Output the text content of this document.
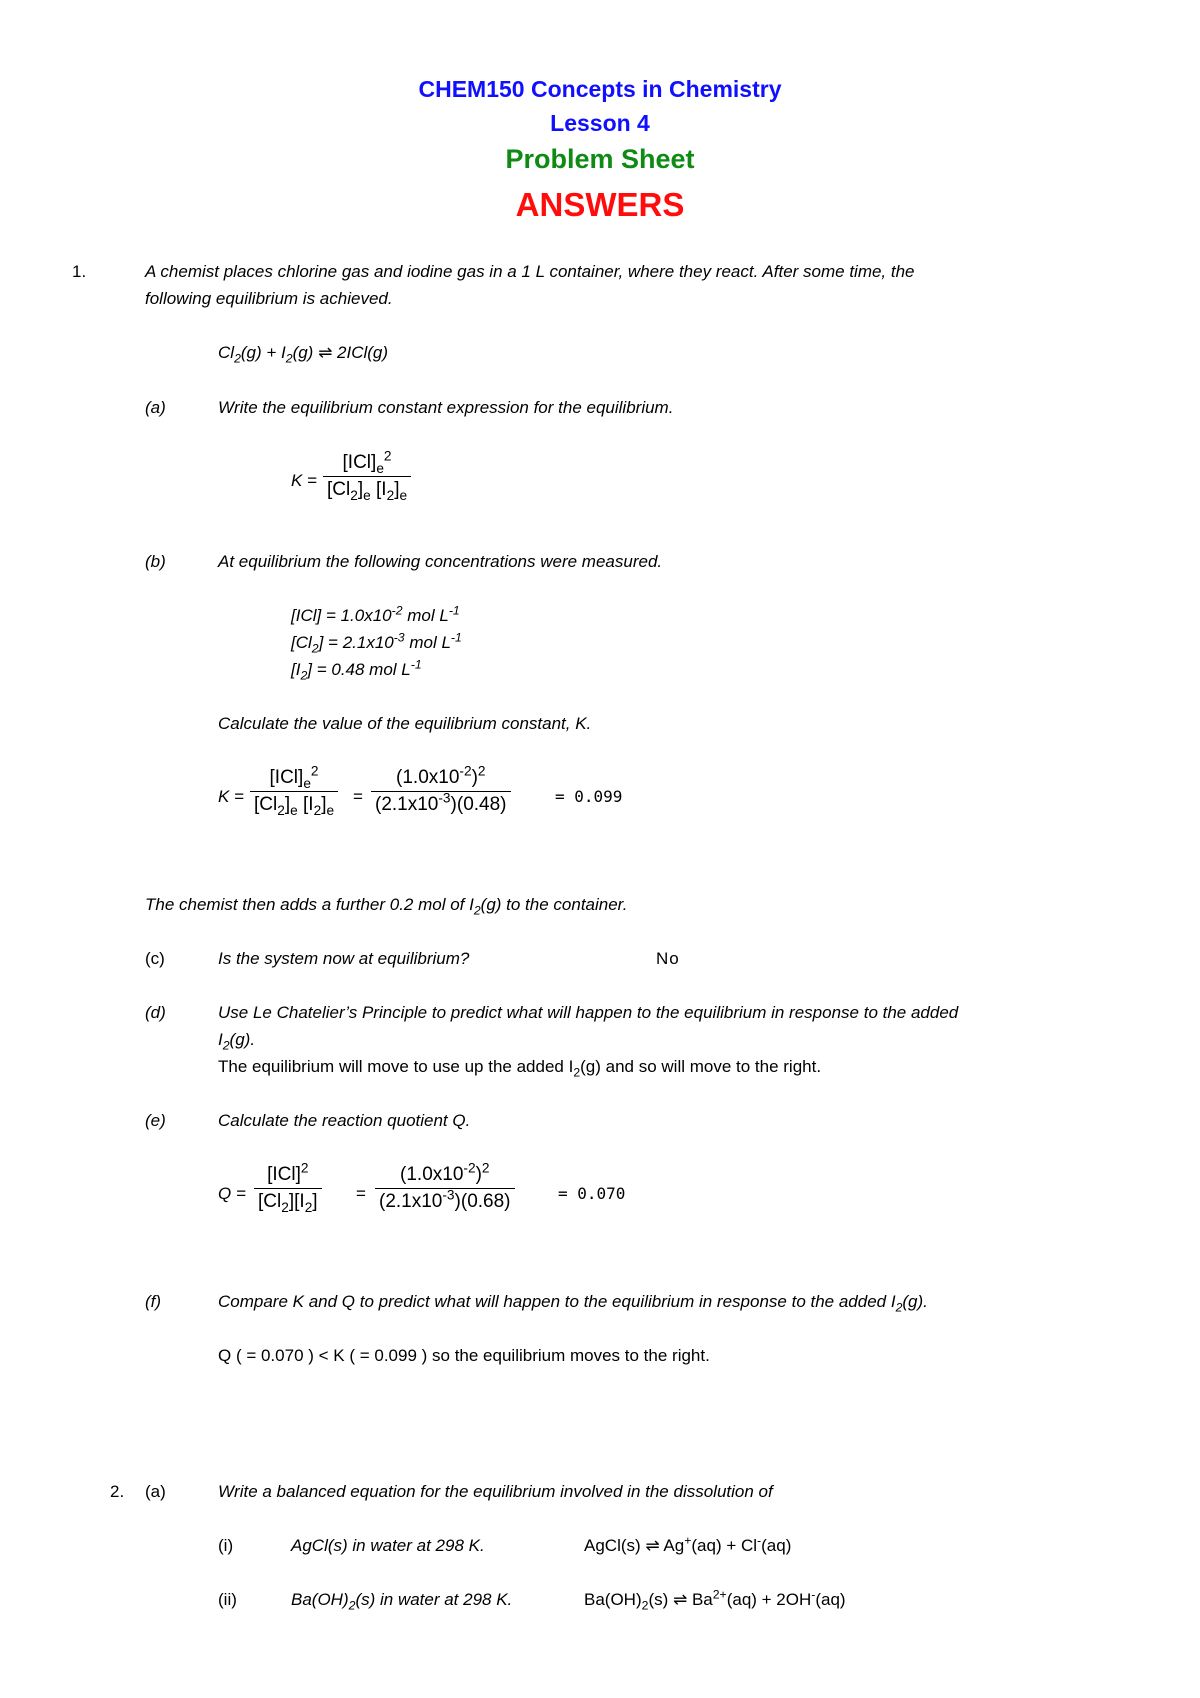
CHEM150 Concepts in Chemistry
Lesson 4
Problem Sheet
ANSWERS
1.	A chemist places chlorine gas and iodine gas in a 1 L container, where they react. After some time, the
following equilibrium is achieved.
$Cl_2(g) + I_2(g)$ ⇌ 2ICl(g)
(a)	Write the equilibrium constant expression for the equilibrium.
K =
$[ICl]_e^2$
$[Cl_2]_e$ $[I_2]_e$
(b)	At equilibrium the following concentrations were measured.
$[ICl] = 1.0x10^{-2}$ mol $L^{-1}$
$[Cl_2] = 2.1x10^{-3}$ mol $L^{-1}$
$[I_2] = 0.48$ mol $L^{-1}$
Calculate the value of the equilibrium constant, K.
K =
$[ICl]_e^2$
$[Cl_2]_e$ $[I_2]_e$
= $\frac{(1.0x10^{-2})^2}{(2.1x10^{-3})(0.48)}$	= 0.099
The chemist then adds a further 0.2 mol of $I_2(g)$ to the container.
(c)	Is the system now at equilibrium?	No
(d)	Use Le Chatelier’s Principle to predict what will happen to the equilibrium in response to the added
$I_2(g)$.
The equilibrium will move to use up the added $I_2(g)$ and so will move to the right.
(e)	Calculate the reaction quotient Q.
Q =
[ICl]$^2$
$[Cl_2][I_2] = \frac{(1.0x10^{-2})^2}{(2.1x10^{-3})(0.68)}$	= 0.070
(f)	Compare K and Q to predict what will happen to the equilibrium in response to the added $I_2(g)$.
Q ( = 0.070 ) < K ( = 0.099 ) so the equilibrium moves to the right.
2. (a)	Write a balanced equation for the equilibrium involved in the dissolution of
(i)	AgCl(s) in water at 298 K.	AgCl(s) ⇌ Ag+(aq) + Cl-(aq)
(ii)	$Ba(OH)_2(s)$ in water at 298 K.	$Ba(OH)_2(s)$ ⇌ $Ba^{2+}(aq) + 2OH^-(aq)$
